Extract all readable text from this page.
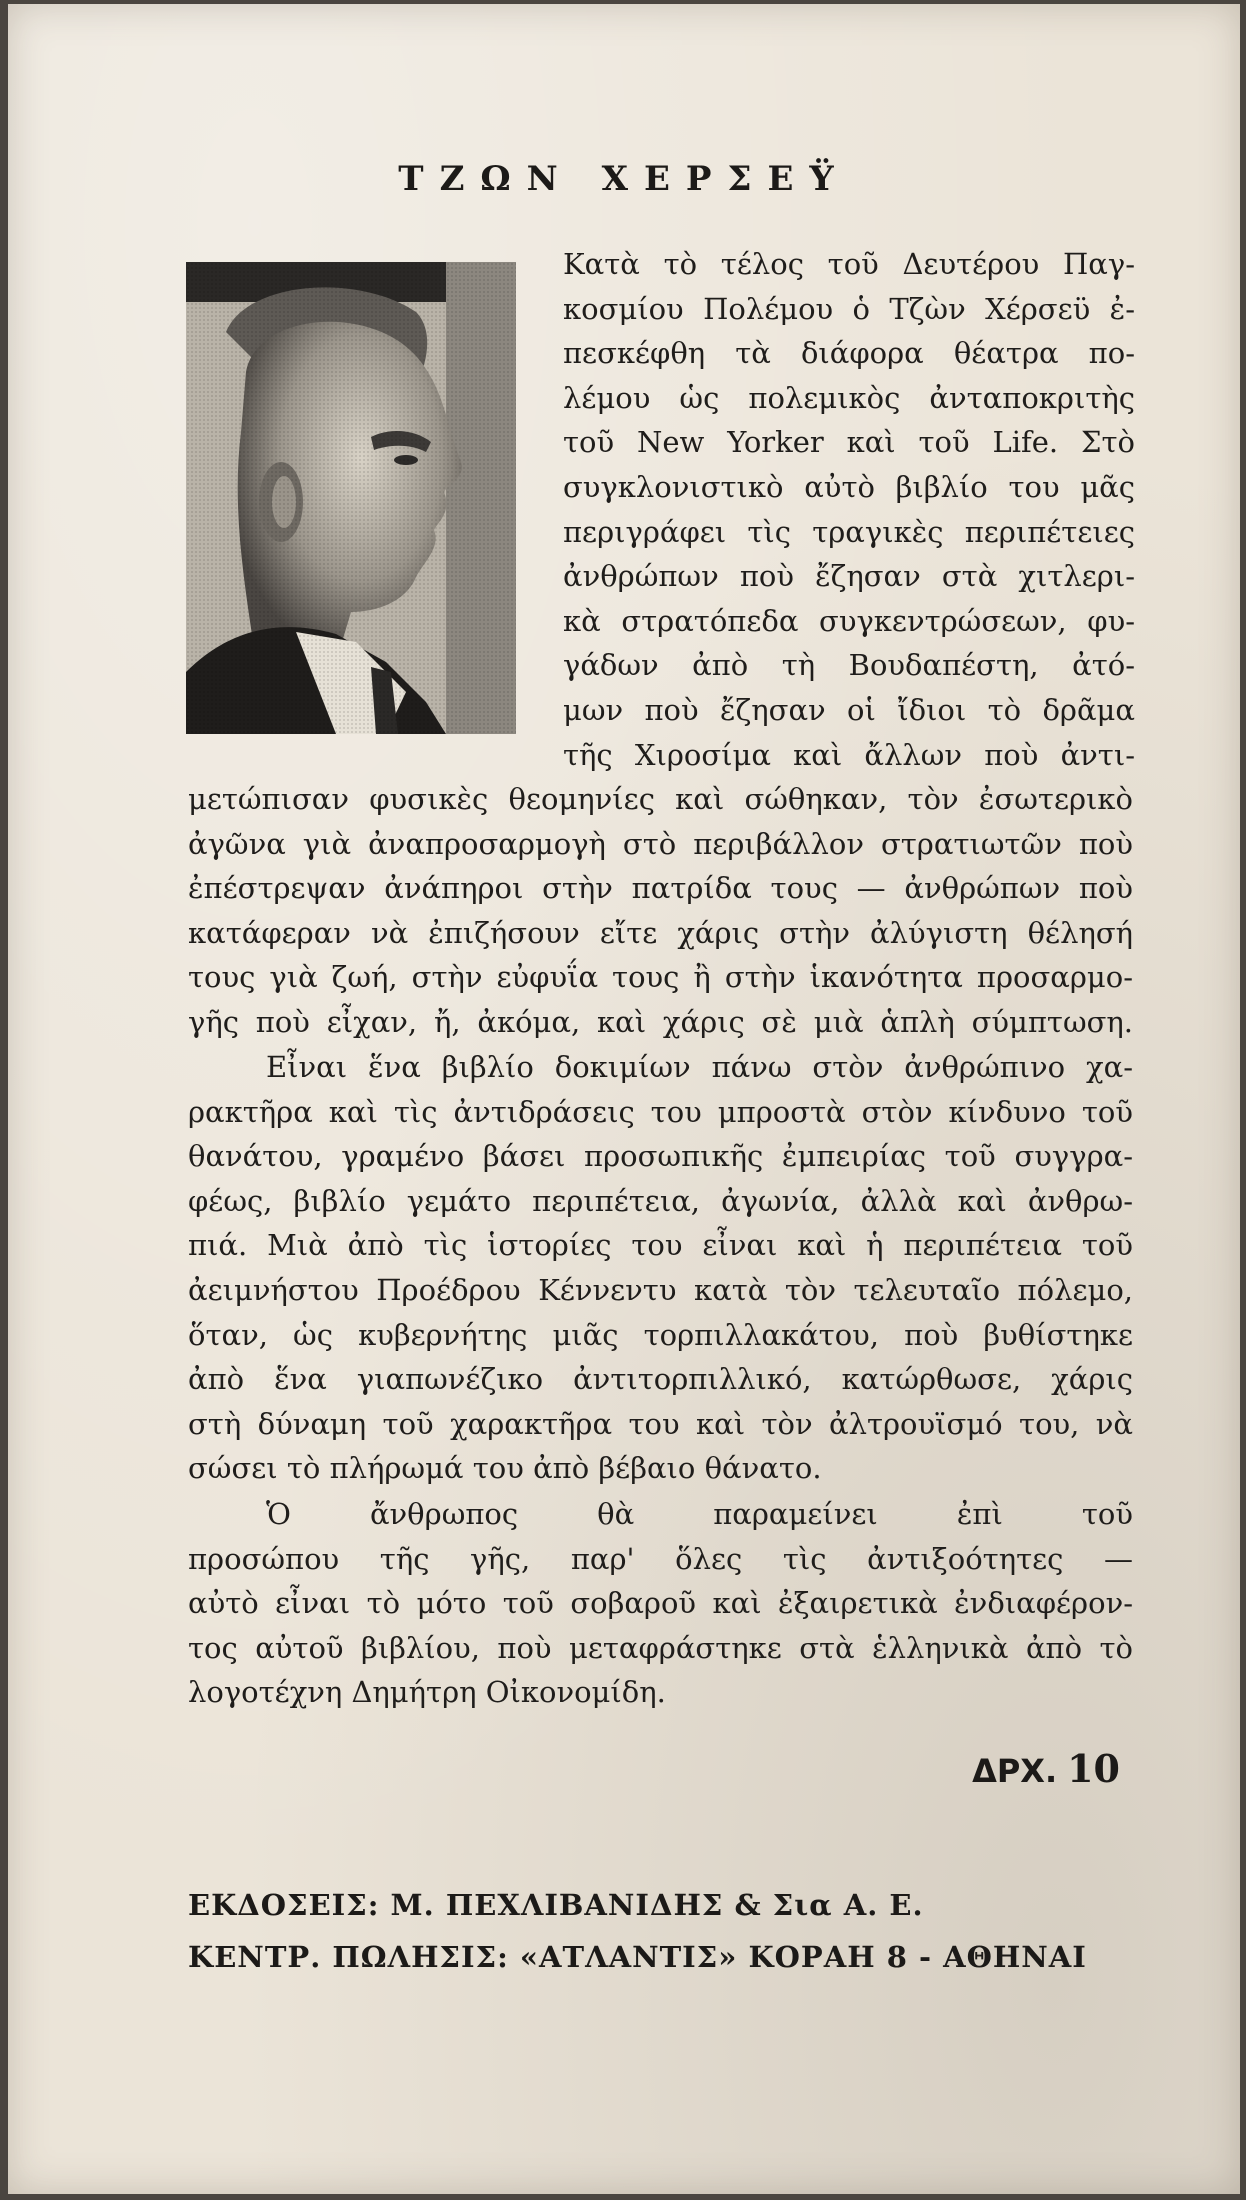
ΤΖΩΝ ΧΕΡΣΕΫ
Κατὰ τὸ τέλος τοῦ Δευτέρου Παγ-
κοσμίου Πολέμου ὁ Τζὼν Χέρσεϋ ἐ-
πεσκέφθη τὰ διάφορα θέατρα πο-
λέμου ὡς πολεμικὸς ἀνταποκριτὴς
τοῦ New Yorker καὶ τοῦ Life. Στὸ
συγκλονιστικὸ αὐτὸ βιβλίο του μᾶς
περιγράφει τὶς τραγικὲς περιπέτειες
ἀνθρώπων ποὺ ἔζησαν στὰ χιτλερι-
κὰ στρατόπεδα συγκεντρώσεων, φυ-
γάδων ἀπὸ τὴ Βουδαπέστη, ἀτό-
μων ποὺ ἔζησαν οἱ ἴδιοι τὸ δρᾶμα
τῆς Χιροσίμα καὶ ἄλλων ποὺ ἀντι-
μετώπισαν φυσικὲς θεομηνίες καὶ σώθηκαν, τὸν ἐσωτερικὸ
ἀγῶνα γιὰ ἀναπροσαρμογὴ στὸ περιβάλλον στρατιωτῶν ποὺ
ἐπέστρεψαν ἀνάπηροι στὴν πατρίδα τους — ἀνθρώπων ποὺ
κατάφεραν νὰ ἐπιζήσουν εἴτε χάρις στὴν ἀλύγιστη θέλησή
τους γιὰ ζωή, στὴν εὐφυΐα τους ἢ στὴν ἱκανότητα προσαρμο-
γῆς ποὺ εἶχαν, ἤ, ἀκόμα, καὶ χάρις σὲ μιὰ ἁπλὴ σύμπτωση.
Εἶναι ἕνα βιβλίο δοκιμίων πάνω στὸν ἀνθρώπινο χα-
ρακτῆρα καὶ τὶς ἀντιδράσεις του μπροστὰ στὸν κίνδυνο τοῦ
θανάτου, γραμένο βάσει προσωπικῆς ἐμπειρίας τοῦ συγγρα-
φέως, βιβλίο γεμάτο περιπέτεια, ἀγωνία, ἀλλὰ καὶ ἀνθρω-
πιά. Μιὰ ἀπὸ τὶς ἱστορίες του εἶναι καὶ ἡ περιπέτεια τοῦ
ἀειμνήστου Προέδρου Κέννεντυ κατὰ τὸν τελευταῖο πόλεμο,
ὅταν, ὡς κυβερνήτης μιᾶς τορπιλλακάτου, ποὺ βυθίστηκε
ἀπὸ ἕνα γιαπωνέζικο ἀντιτορπιλλικό, κατώρθωσε, χάρις
στὴ δύναμη τοῦ χαρακτῆρα του καὶ τὸν ἀλτρουϊσμό του, νὰ
σώσει τὸ πλήρωμά του ἀπὸ βέβαιο θάνατο.
Ὁ ἄνθρωπος θὰ παραμείνει ἐπὶ τοῦ
προσώπου τῆς γῆς, παρ' ὅλες τὶς ἀντιξοότητες —
αὐτὸ εἶναι τὸ μότο τοῦ σοβαροῦ καὶ ἐξαιρετικὰ ἐνδιαφέρον-
τος αὐτοῦ βιβλίου, ποὺ μεταφράστηκε στὰ ἑλληνικὰ ἀπὸ τὸ
λογοτέχνη Δημήτρη Οἰκονομίδη.
ΔΡΧ. 10
ΕΚΔΟΣΕΙΣ: Μ. ΠΕΧΛΙΒΑΝΙΔΗΣ & Σια Α. Ε.
ΚΕΝΤΡ. ΠΩΛΗΣΙΣ: «ΑΤΛΑΝΤΙΣ» ΚΟΡΑΗ 8 - ΑΘΗΝΑΙ
